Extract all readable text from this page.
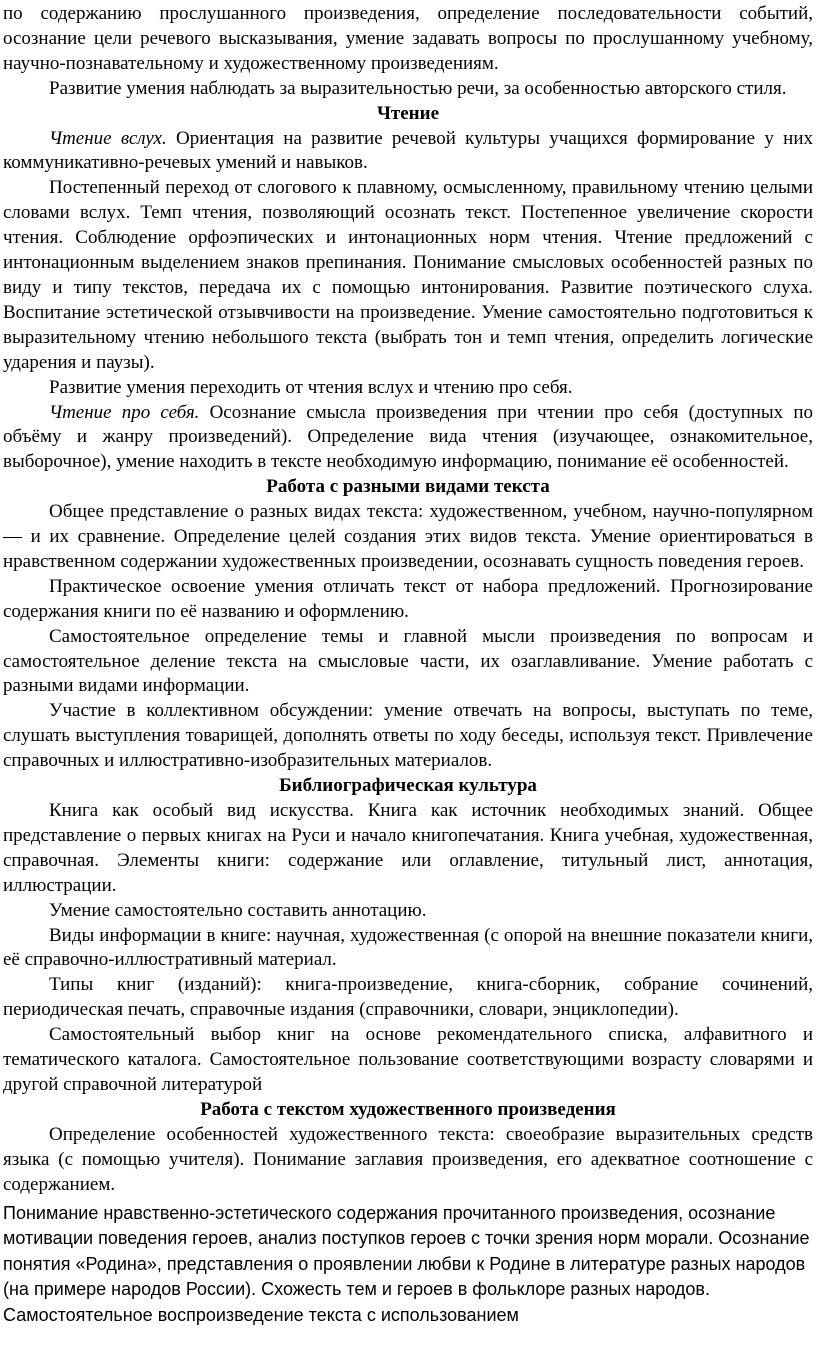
по содержанию прослушанного произведения, определение последовательности событий, осознание цели речевого высказывания, умение задавать вопросы по прослушанному учебному, научно-познавательному и художественному произведениям.

Развитие умения наблюдать за выразительностью речи, за особенностью авторского стиля.

Чтение

Чтение вслух. Ориентация на развитие речевой культуры учащихся формирование у них коммуникативно-речевых умений и навыков.

Постепенный переход от слогового к плавному, осмысленному, правильному чтению целыми словами вслух. Темп чтения, позволяющий осознать текст. Постепенное увеличение скорости чтения. Соблюдение орфоэпических и интонационных норм чтения. Чтение предложений с интонационным выделением знаков препинания. Понимание смысловых особенностей разных по виду и типу текстов, передача их с помощью интонирования. Развитие поэтического слуха. Воспитание эстетической отзывчивости на произведение. Умение самостоятельно подготовиться к выразительному чтению небольшого текста (выбрать тон и темп чтения, определить логические ударения и паузы).

Развитие умения переходить от чтения вслух и чтению про себя.

Чтение про себя. Осознание смысла произведения при чтении про себя (доступных по объёму и жанру произведений). Определение вида чтения (изучающее, ознакомительное, выборочное), умение находить в тексте необходимую информацию, понимание её особенностей.

Работа с разными видами текста

Общее представление о разных видах текста: художественном, учебном, научно-популярном — и их сравнение. Определение целей создания этих видов текста. Умение ориентироваться в нравственном содержании художественных произведении, осознавать сущность поведения героев.

Практическое освоение умения отличать текст от набора предложений. Прогнозирование содержания книги по её названию и оформлению.

Самостоятельное определение темы и главной мысли произведения по вопросам и самостоятельное деление текста на смысловые части, их озаглавливание. Умение работать с разными видами информации.

Участие в коллективном обсуждении: умение отвечать на вопросы, выступать по теме, слушать выступления товарищей, дополнять ответы по ходу беседы, используя текст. Привлечение справочных и иллюстративно-изобразительных материалов.

Библиографическая культура

Книга как особый вид искусства. Книга как источник необходимых знаний. Общее представление о первых книгах на Руси и начало книгопечатания. Книга учебная, художественная, справочная. Элементы книги: содержание или оглавление, титульный лист, аннотация, иллюстрации.

Умение самостоятельно составить аннотацию.

Виды информации в книге: научная, художественная (с опорой на внешние показатели книги, её справочно-иллюстративный материал.

Типы книг (изданий): книга-произведение, книга-сборник, собрание сочинений, периодическая печать, справочные издания (справочники, словари, энциклопедии).

Самостоятельный выбор книг на основе рекомендательного списка, алфавитного и тематического каталога. Самостоятельное пользование соответствующими возрасту словарями и другой справочной литературой

Работа с текстом художественного произведения

Определение особенностей художественного текста: своеобразие выразительных средств языка (с помощью учителя). Понимание заглавия произведения, его адекватное соотношение с содержанием.

Понимание нравственно-эстетического содержания прочитанного произведения, осознание мотивации поведения героев, анализ поступков героев с точки зрения норм морали. Осознание понятия «Родина», представления о проявлении любви к Родине в литературе разных народов (на примере народов России). Схожесть тем и героев в фольклоре разных народов. Самостоятельное воспроизведение текста с использованием
